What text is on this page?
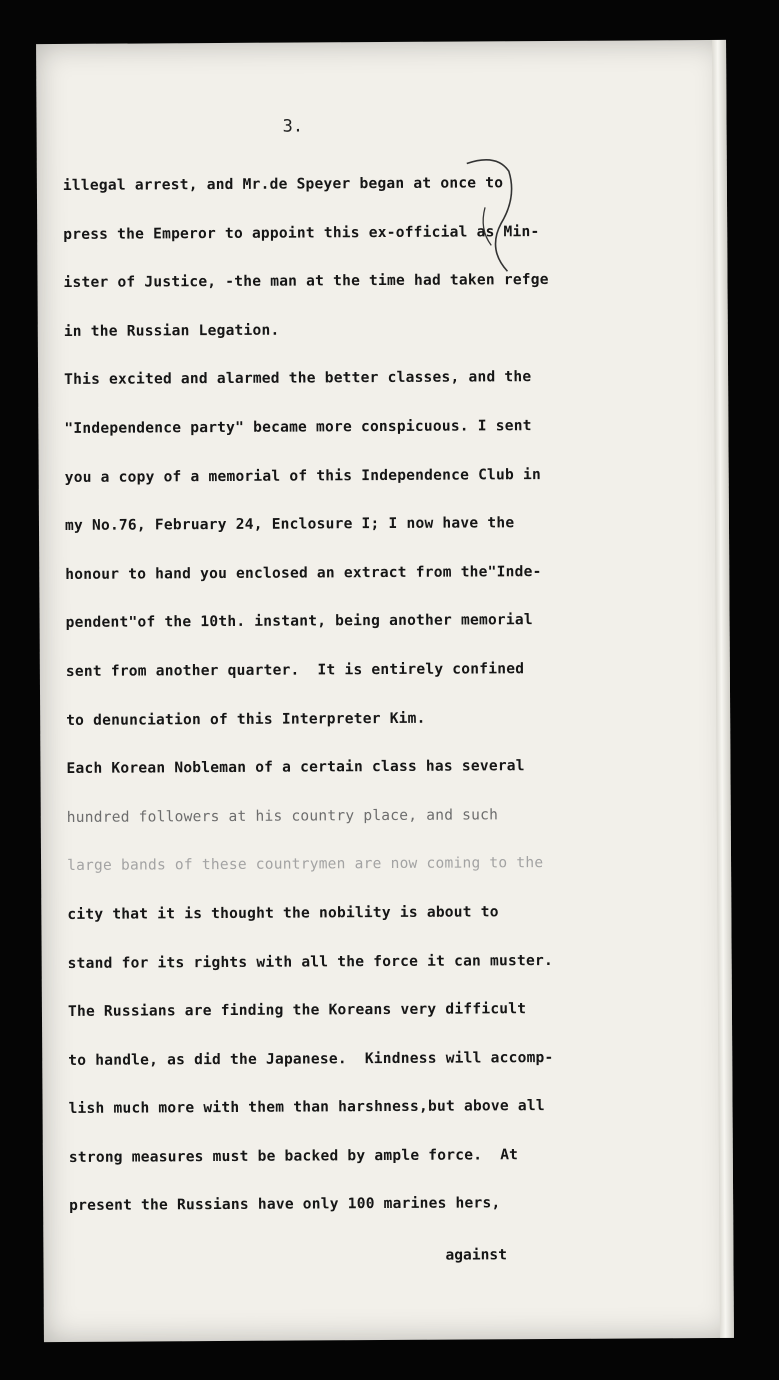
3.

illegal arrest, and Mr.de Speyer began at once to
press the Emperor to appoint this ex-official as Min-
ister of Justice, -the man at the time had taken refge
in the Russian Legation.
This excited and alarmed the better classes, and the
"Independence party" became more conspicuous. I sent
you a copy of a memorial of this Independence Club in
my No.76, February 24, Enclosure I; I now have the
honour to hand you enclosed an extract from the"Inde-
pendent"of the 10th. instant, being another memorial
sent from another quarter.  It is entirely confined
to denunciation of this Interpreter Kim.
Each Korean Nobleman of a certain class has several
hundred followers at his country place, and such
large bands of these countrymen are now coming to the
city that it is thought the nobility is about to
stand for its rights with all the force it can muster.
The Russians are finding the Koreans very difficult
to handle, as did the Japanese.  Kindness will accomp-
lish much more with them than harshness,but above all
strong measures must be backed by ample force.  At
present the Russians have only 100 marines hers,

against
